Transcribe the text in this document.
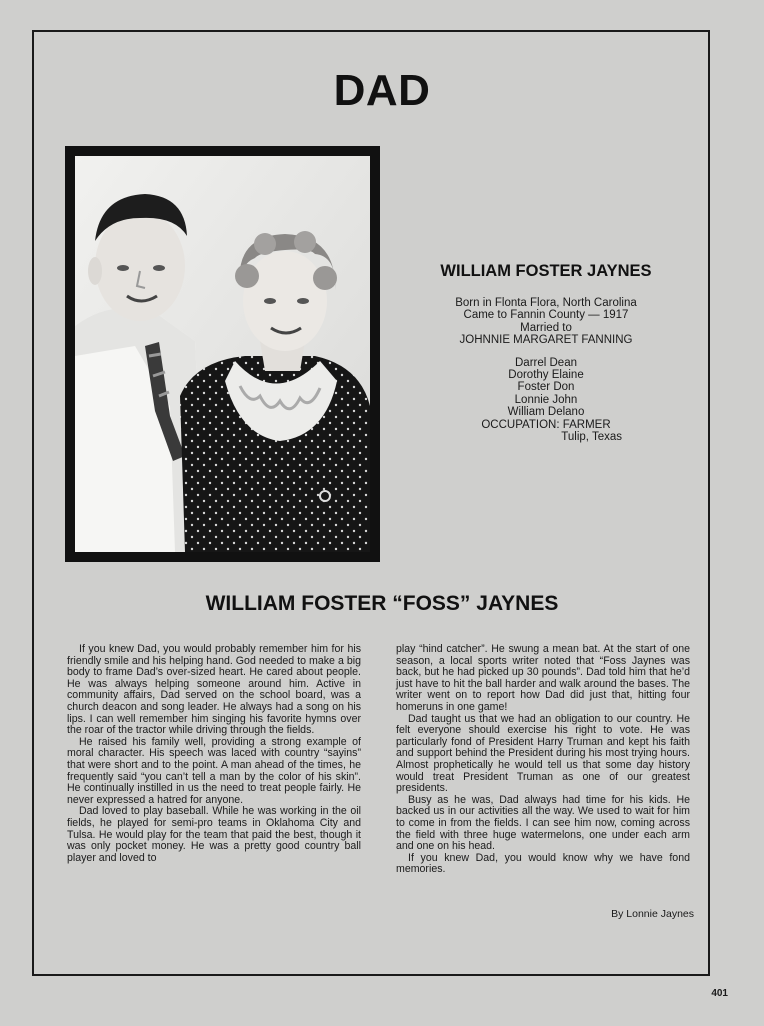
DAD
WILLIAM FOSTER JAYNES
Born in Flonta Flora, North Carolina
Came to Fannin County — 1917
Married to
JOHNNIE MARGARET FANNING
Darrel Dean
Dorothy Elaine
Foster Don
Lonnie John
William Delano
OCCUPATION: FARMER
Tulip, Texas
WILLIAM FOSTER “FOSS” JAYNES

If you knew Dad, you would probably remember him for his friendly smile and his helping hand. God needed to make a big body to frame Dad’s over-sized heart. He cared about people. He was always helping someone around him. Active in community affairs, Dad served on the school board, was a church deacon and song leader. He always had a song on his lips. I can well remember him singing his favorite hymns over the roar of the tractor while driving through the fields.

He raised his family well, providing a strong example of moral character. His speech was laced with country “sayins” that were short and to the point. A man ahead of the times, he frequently said “you can’t tell a man by the color of his skin”. He continually instilled in us the need to treat people fairly. He never expressed a hatred for anyone.

Dad loved to play baseball. While he was working in the oil fields, he played for semi-pro teams in Oklahoma City and Tulsa. He would play for the team that paid the best, though it was only pocket money. He was a pretty good country ball player and loved to

play “hind catcher”. He swung a mean bat. At the start of one season, a local sports writer noted that “Foss Jaynes was back, but he had picked up 30 pounds”. Dad told him that he’d just have to hit the ball harder and walk around the bases. The writer went on to report how Dad did just that, hitting four homeruns in one game!

Dad taught us that we had an obligation to our country. He felt everyone should exercise his right to vote. He was particularly fond of President Harry Truman and kept his faith and support behind the President during his most trying hours. Almost prophetically he would tell us that some day history would treat President Truman as one of our greatest presidents.

Busy as he was, Dad always had time for his kids. He backed us in our activities all the way. We used to wait for him to come in from the fields. I can see him now, coming across the field with three huge watermelons, one under each arm and one on his head.

If you knew Dad, you would know why we have fond memories.

By Lonnie Jaynes
401
